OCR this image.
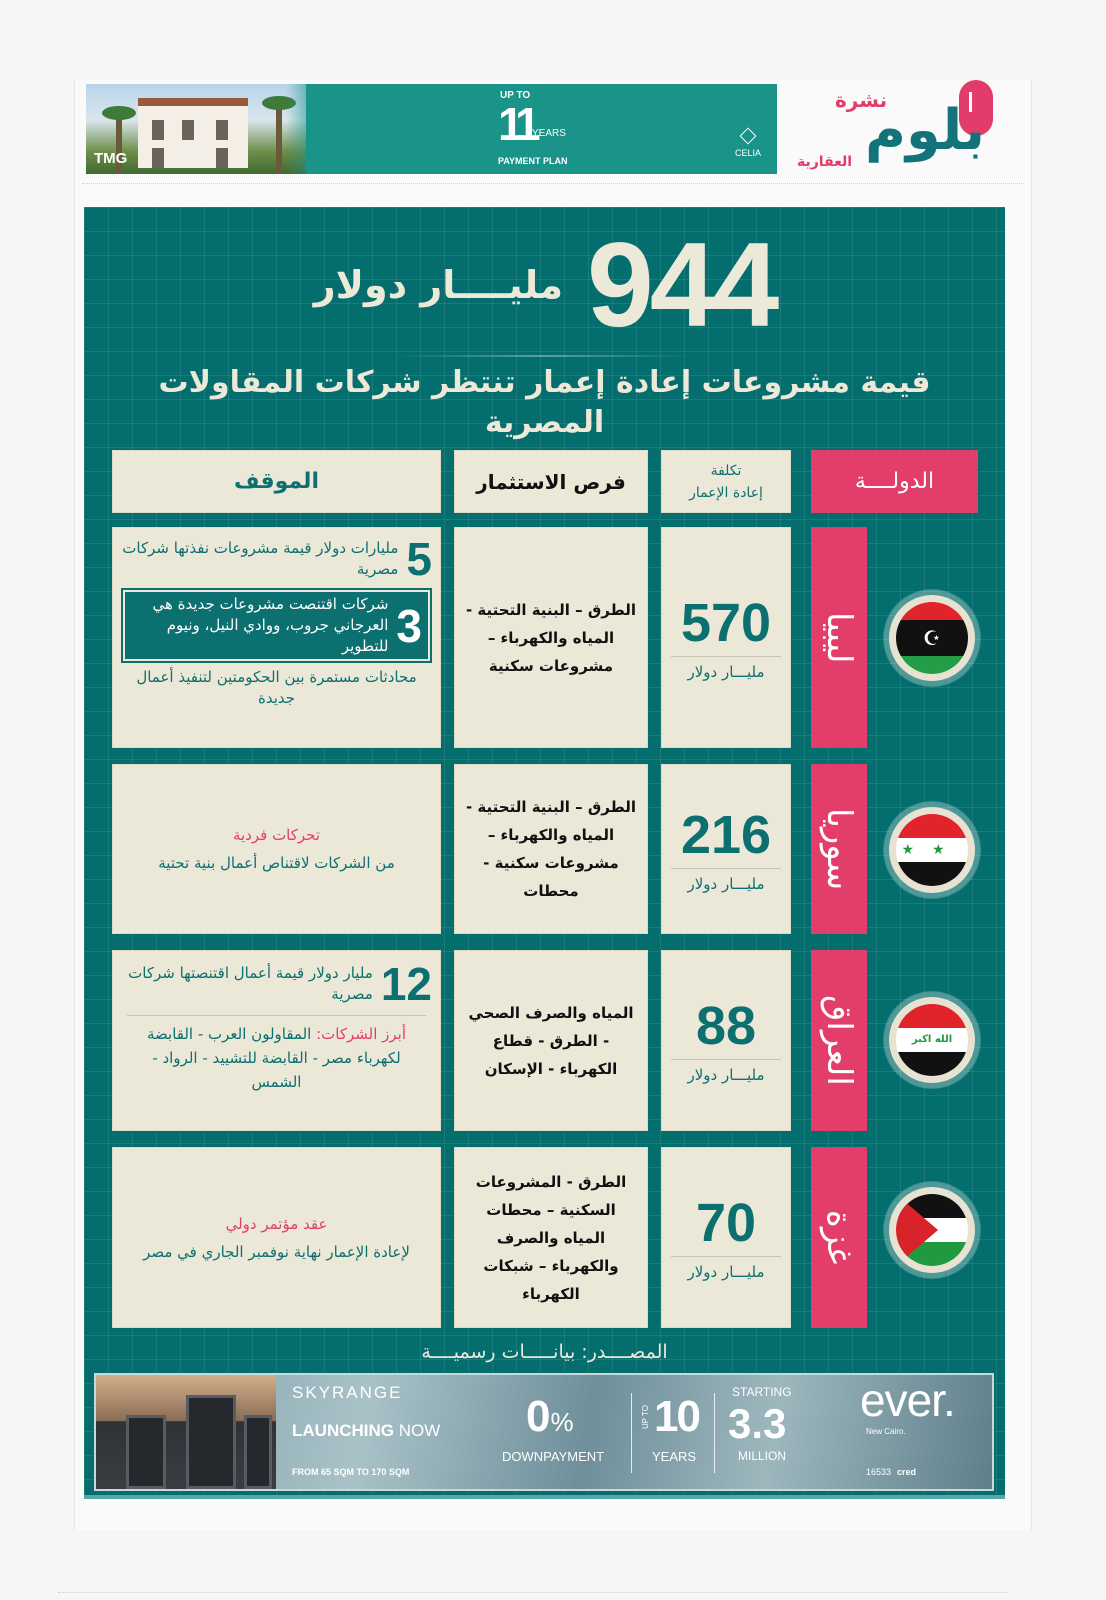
TMG
UP TO
11
YEARS
PAYMENT PLAN
CELIA بلوم
نشرة
العقارية
مليــــار دولار 944
قيمة مشروعات إعادة إعمار تنتظر شركات المقاولات المصرية
الدولــــة
تكلفة
إعادة الإعمار
فرص الاستثمار
الموقف
☪
ليبيا
570
مليـــار دولار
الطرق – البنية التحتية - المياه والكهرباء – مشروعات سكنية
5
مليارات دولار قيمة مشروعات نفذتها شركات مصرية
3
شركات اقتنصت مشروعات جديدة هي العرجاني جروب، ووادي النيل، ونيوم للتطوير
محادثات مستمرة بين الحكومتين لتنفيذ أعمال جديدة
★★
سوريا
216
مليـــار دولار
الطرق – البنية التحتية - المياه والكهرباء – مشروعات سكنية - محطات
تحركات فردية
من الشركات لاقتناص أعمال بنية تحتية
الله اكبر
العراق
88
مليـــار دولار
المياه والصرف الصحي - الطرق - قطاع الكهرباء - الإسكان
12
مليار دولار قيمة أعمال اقتنصتها شركات مصرية
أبرز الشركات: المقاولون العرب - القابضة لكهرباء مصر - القابضة للتشييد - الرواد - الشمس
غزة
70
مليـــار دولار
الطرق - المشروعات السكنية – محطات المياه والصرف والكهرباء – شبكات الكهرباء
عقد مؤتمر دولي
لإعادة الإعمار نهاية نوفمبر الجاري في مصر
المصــــدر: بيانـــــات رسميــــة
SKYRANGE
LAUNCHING NOW
FROM 65 SQM TO 170 SQM
0%
DOWNPAYMENT
UP TO 10
YEARS
STARTING
3.3
MILLION
ever.
New Cairo.
16533 cred
